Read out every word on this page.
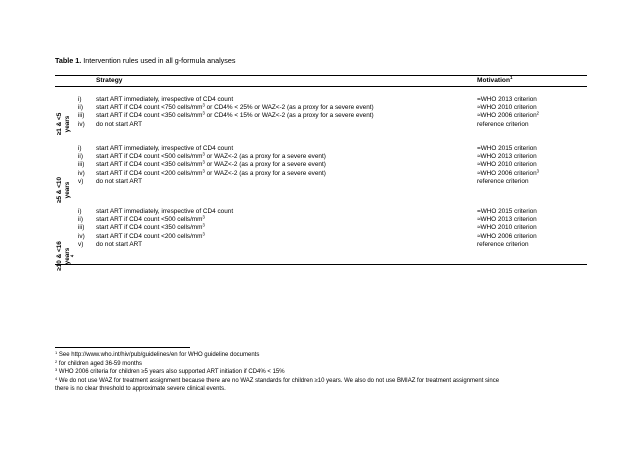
Table 1. Intervention rules used in all g-formula analyses
Strategy	Motivation$^1$
≥1 & <5 years
i)	start ART immediately, irrespective of CD4 count	=WHO 2013 criterion
ii)	start ART if CD4 count <750 cells/$mm^3$ or CD4% < 25% or WAZ<-2 (as a proxy for a severe event)	≈WHO 2010 criterion
iii)	start ART if CD4 count <350 cells/$mm^3$ or CD4% < 15% or WAZ<-2 (as a proxy for a severe event)	≈WHO 2006 criterion$^2$
iv)	do not start ART	reference criterion
≥5 & <10 years
i)	start ART immediately, irrespective of CD4 count	=WHO 2015 criterion
ii)	start ART if CD4 count <500 cells/$mm^3$ or WAZ<-2 (as a proxy for a severe event)	≈WHO 2013 criterion
iii)	start ART if CD4 count <350 cells/$mm^3$ or WAZ<-2 (as a proxy for a severe event)	≈WHO 2010 criterion
iv)	start ART if CD4 count <200 cells/$mm^3$ or WAZ<-2 (as a proxy for a severe event)	≈WHO 2006 criterion$^3$
v)	do not start ART	reference criterion
≥10 & <16 years $^4$
i)	start ART immediately, irrespective of CD4 count	=WHO 2015 criterion
ii)	start ART if CD4 count <500 cells/$mm^3$	≈WHO 2013 criterion
iii)	start ART if CD4 count <350 cells/$mm^3$	≈WHO 2010 criterion
iv)	start ART if CD4 count <200 cells/$mm^3$	≈WHO 2006 criterion
v)	do not start ART	reference criterion
$^1$ See http://www.who.int/hiv/pub/guidelines/en for WHO guideline documents
$^2$ for children aged 36-59 months
$^3$ WHO 2006 criteria for children ≥5 years also supported ART initiation if CD4% < 15%
$^4$ We do not use WAZ for treatment assignment because there are no WAZ standards for children ≥10 years. We also do not use BMIAZ for treatment assignment since
there is no clear threshold to approximate severe clinical events.
